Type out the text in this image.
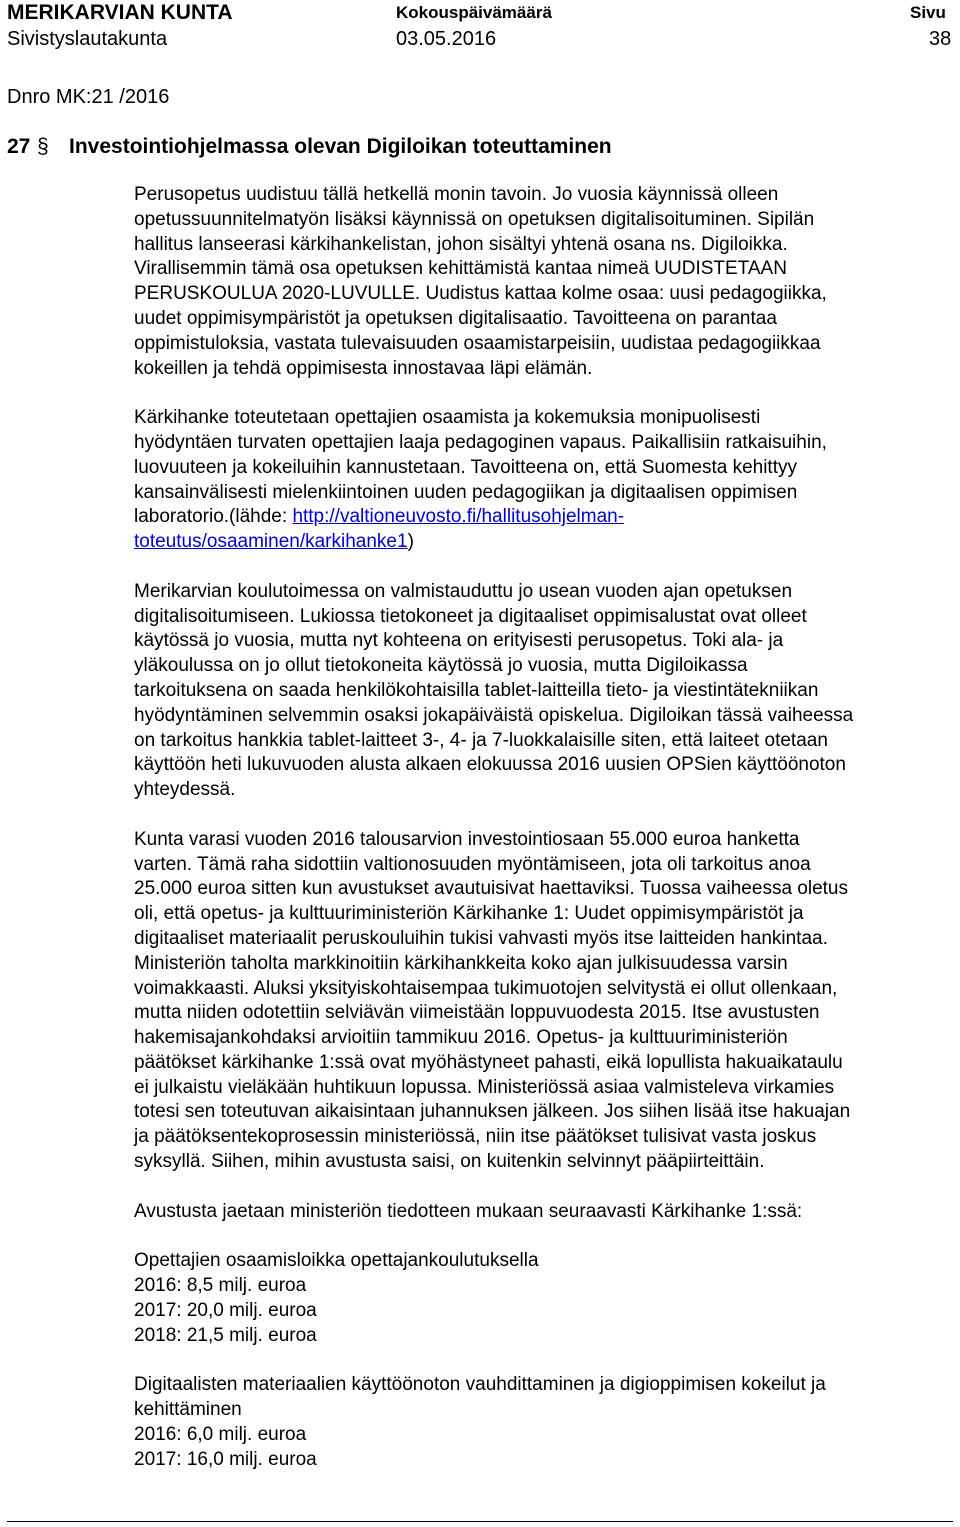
MERIKARVIAN KUNTA	Kokouspäivämäärä	Sivu
Sivistyslautakunta	03.05.2016	38
Dnro MK:21 /2016
27 § Investointiohjelmassa olevan Digiloikan toteuttaminen

Perusopetus uudistuu tällä hetkellä monin tavoin. Jo vuosia käynnissä olleen
opetussuunnitelmatyön lisäksi käynnissä on opetuksen digitalisoituminen. Sipilän
hallitus lanseerasi kärkihankelistan, johon sisältyi yhtenä osana ns. Digiloikka.
Virallisemmin tämä osa opetuksen kehittämistä kantaa nimeä UUDISTETAAN
PERUSKOULUA 2020-LUVULLE. Uudistus kattaa kolme osaa: uusi pedagogiikka,
uudet oppimisympäristöt ja opetuksen digitalisaatio. Tavoitteena on parantaa
oppimistuloksia, vastata tulevaisuuden osaamistarpeisiin, uudistaa pedagogiikkaa
kokeillen ja tehdä oppimisesta innostavaa läpi elämän.

Kärkihanke toteutetaan opettajien osaamista ja kokemuksia monipuolisesti
hyödyntäen turvaten opettajien laaja pedagoginen vapaus. Paikallisiin ratkaisuihin,
luovuuteen ja kokeiluihin kannustetaan. Tavoitteena on, että Suomesta kehittyy
kansainvälisesti mielenkiintoinen uuden pedagogiikan ja digitaalisen oppimisen
laboratorio.(lähde: http://valtioneuvosto.fi/hallitusohjelman-
toteutus/osaaminen/karkihanke1)

Merikarvian koulutoimessa on valmistauduttu jo usean vuoden ajan opetuksen
digitalisoitumiseen. Lukiossa tietokoneet ja digitaaliset oppimisalustat ovat olleet
käytössä jo vuosia, mutta nyt kohteena on erityisesti perusopetus. Toki ala- ja
yläkoulussa on jo ollut tietokoneita käytössä jo vuosia, mutta Digiloikassa
tarkoituksena on saada henkilökohtaisilla tablet-laitteilla tieto- ja viestintätekniikan
hyödyntäminen selvemmin osaksi jokapäiväistä opiskelua. Digiloikan tässä vaiheessa
on tarkoitus hankkia tablet-laitteet 3-, 4- ja 7-luokkalaisille siten, että laiteet otetaan
käyttöön heti lukuvuoden alusta alkaen elokuussa 2016 uusien OPSien käyttöönoton
yhteydessä.

Kunta varasi vuoden 2016 talousarvion investointiosaan 55.000 euroa hanketta
varten. Tämä raha sidottiin valtionosuuden myöntämiseen, jota oli tarkoitus anoa
25.000 euroa sitten kun avustukset avautuisivat haettaviksi. Tuossa vaiheessa oletus
oli, että opetus- ja kulttuuriministeriön Kärkihanke 1: Uudet oppimisympäristöt ja
digitaaliset materiaalit peruskouluihin tukisi vahvasti myös itse laitteiden hankintaa.
Ministeriön taholta markkinoitiin kärkihankkeita koko ajan julkisuudessa varsin
voimakkaasti. Aluksi yksityiskohtaisempaa tukimuotojen selvitystä ei ollut ollenkaan,
mutta niiden odotettiin selviävän viimeistään loppuvuodesta 2015. Itse avustusten
hakemisajankohdaksi arvioitiin tammikuu 2016. Opetus- ja kulttuuriministeriön
päätökset kärkihanke 1:ssä ovat myöhästyneet pahasti, eikä lopullista hakuaikataulu
ei julkaistu vieläkään huhtikuun lopussa. Ministeriössä asiaa valmisteleva virkamies
totesi sen toteutuvan aikaisintaan juhannuksen jälkeen. Jos siihen lisää itse hakuajan
ja päätöksentekoprosessin ministeriössä, niin itse päätökset tulisivat vasta joskus
syksyllä. Siihen, mihin avustusta saisi, on kuitenkin selvinnyt pääpiirteittäin.

Avustusta jaetaan ministeriön tiedotteen mukaan seuraavasti Kärkihanke 1:ssä:

Opettajien osaamisloikka opettajankoulutuksella
2016: 8,5 milj. euroa
2017: 20,0 milj. euroa
2018: 21,5 milj. euroa

Digitaalisten materiaalien käyttöönoton vauhdittaminen ja digioppimisen kokeilut ja
kehittäminen
2016: 6,0 milj. euroa
2017: 16,0 milj. euroa
